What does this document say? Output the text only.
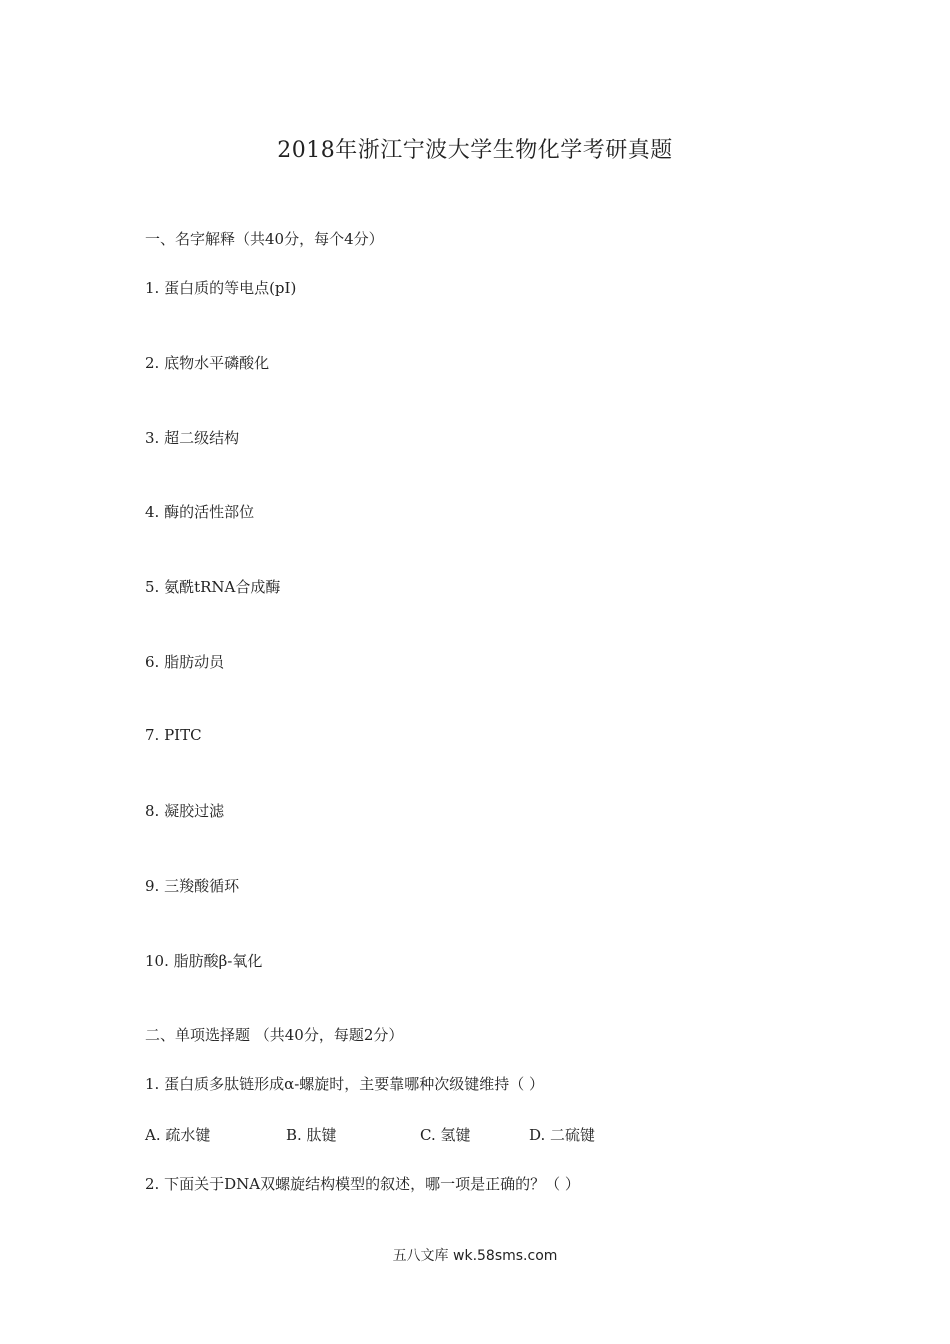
2018年浙江宁波大学生物化学考研真题
一、名字解释（共40分，每个4分）
1. 蛋白质的等电点(pI)
2. 底物水平磷酸化
3. 超二级结构
4. 酶的活性部位
5. 氨酰tRNA合成酶
6. 脂肪动员
7. PITC
8. 凝胶过滤
9. 三羧酸循环
10. 脂肪酸β-氧化
二、单项选择题 （共40分，每题2分）
1. 蛋白质多肽链形成α-螺旋时，主要靠哪种次级键维持（ ）
A. 疏水键	B. 肽键	C. 氢键	D. 二硫键
2. 下面关于DNA双螺旋结构模型的叙述，哪一项是正确的？（ ）
五八文库 wk.58sms.com
